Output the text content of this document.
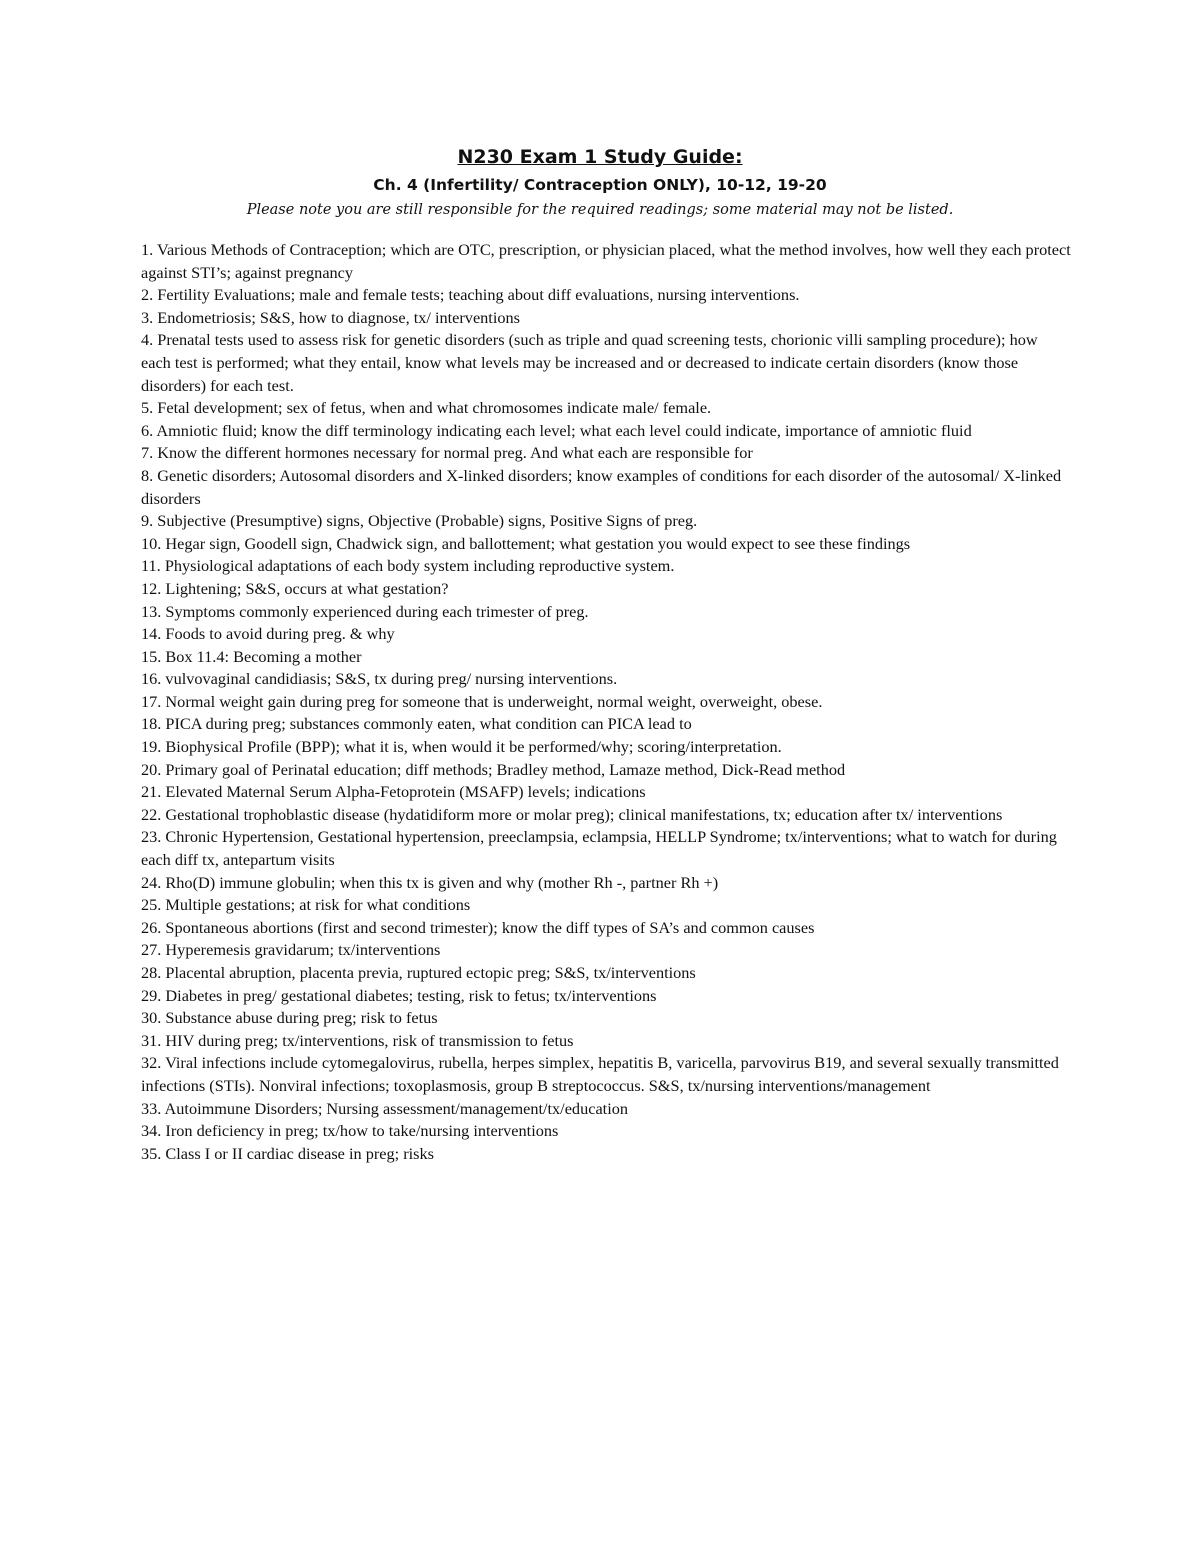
N230 Exam 1 Study Guide:

Ch. 4 (Infertility/ Contraception ONLY), 10-12, 19-20

Please note you are still responsible for the required readings; some material may not be listed.

1. Various Methods of Contraception; which are OTC, prescription, or physician placed, what the method involves, how well they each protect against STI’s; against pregnancy
2. Fertility Evaluations; male and female tests; teaching about diff evaluations, nursing interventions.
3. Endometriosis; S&S, how to diagnose, tx/ interventions
4. Prenatal tests used to assess risk for genetic disorders (such as triple and quad screening tests, chorionic villi sampling procedure); how each test is performed; what they entail, know what levels may be increased and or decreased to indicate certain disorders (know those disorders) for each test.
5. Fetal development; sex of fetus, when and what chromosomes indicate male/ female.
6. Amniotic fluid; know the diff terminology indicating each level; what each level could indicate, importance of amniotic fluid
7. Know the different hormones necessary for normal preg. And what each are responsible for
8. Genetic disorders; Autosomal disorders and X-linked disorders; know examples of conditions for each disorder of the autosomal/ X-linked disorders
9. Subjective (Presumptive) signs, Objective (Probable) signs, Positive Signs of preg.
10. Hegar sign, Goodell sign, Chadwick sign, and ballottement; what gestation you would expect to see these findings
11. Physiological adaptations of each body system including reproductive system.
12. Lightening; S&S, occurs at what gestation?
13. Symptoms commonly experienced during each trimester of preg.
14. Foods to avoid during preg. & why
15. Box 11.4: Becoming a mother
16. vulvovaginal candidiasis; S&S, tx during preg/ nursing interventions.
17. Normal weight gain during preg for someone that is underweight, normal weight, overweight, obese.
18. PICA during preg; substances commonly eaten, what condition can PICA lead to
19. Biophysical Profile (BPP); what it is, when would it be performed/why; scoring/interpretation.
20. Primary goal of Perinatal education; diff methods; Bradley method, Lamaze method, Dick-Read method
21. Elevated Maternal Serum Alpha-Fetoprotein (MSAFP) levels; indications
22. Gestational trophoblastic disease (hydatidiform more or molar preg); clinical manifestations, tx; education after tx/ interventions
23. Chronic Hypertension, Gestational hypertension, preeclampsia, eclampsia, HELLP Syndrome; tx/interventions; what to watch for during each diff tx, antepartum visits
24. Rho(D) immune globulin; when this tx is given and why (mother Rh -, partner Rh +)
25. Multiple gestations; at risk for what conditions
26. Spontaneous abortions (first and second trimester); know the diff types of SA’s and common causes
27. Hyperemesis gravidarum; tx/interventions
28. Placental abruption, placenta previa, ruptured ectopic preg; S&S, tx/interventions
29. Diabetes in preg/ gestational diabetes; testing, risk to fetus; tx/interventions
30. Substance abuse during preg; risk to fetus
31. HIV during preg; tx/interventions, risk of transmission to fetus
32. Viral infections include cytomegalovirus, rubella, herpes simplex, hepatitis B, varicella, parvovirus B19, and several sexually transmitted infections (STIs). Nonviral infections; toxoplasmosis, group B streptococcus. S&S, tx/nursing interventions/management
33. Autoimmune Disorders; Nursing assessment/management/tx/education
34. Iron deficiency in preg; tx/how to take/nursing interventions
35. Class I or II cardiac disease in preg; risks
